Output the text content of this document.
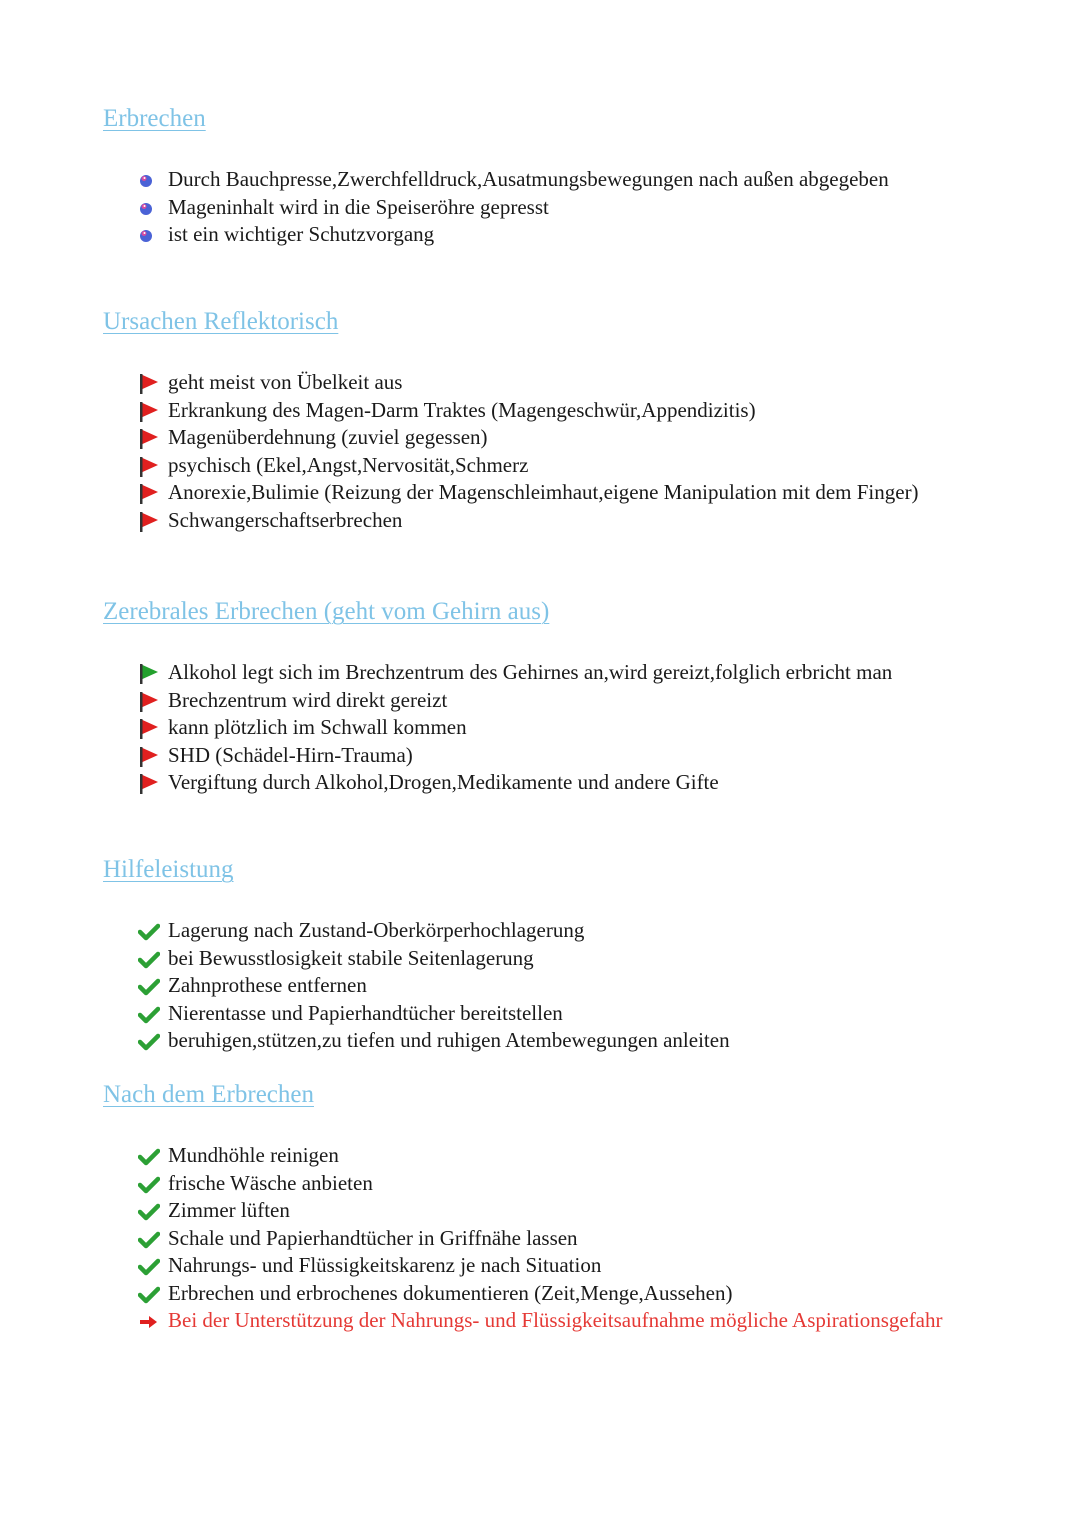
Erbrechen
Durch Bauchpresse,Zwerchfelldruck,Ausatmungsbewegungen nach außen abgegeben
Mageninhalt wird in die Speiseröhre gepresst
ist ein wichtiger Schutzvorgang
Ursachen Reflektorisch
geht meist von Übelkeit aus
Erkrankung des Magen-Darm Traktes (Magengeschwür,Appendizitis)
Magenüberdehnung (zuviel gegessen)
psychisch (Ekel,Angst,Nervosität,Schmerz
Anorexie,Bulimie (Reizung der Magenschleimhaut,eigene Manipulation mit dem Finger)
Schwangerschaftserbrechen
Zerebrales Erbrechen (geht vom Gehirn aus)
Alkohol legt sich im Brechzentrum des Gehirnes an,wird gereizt,folglich erbricht man
Brechzentrum wird direkt gereizt
kann plötzlich im Schwall kommen
SHD (Schädel-Hirn-Trauma)
Vergiftung durch Alkohol,Drogen,Medikamente und andere Gifte
Hilfeleistung
Lagerung nach Zustand-Oberkörperhochlagerung
bei Bewusstlosigkeit stabile Seitenlagerung
Zahnprothese entfernen
Nierentasse und Papierhandtücher bereitstellen
beruhigen,stützen,zu tiefen und ruhigen Atembewegungen anleiten
Nach dem Erbrechen
Mundhöhle reinigen
frische Wäsche anbieten
Zimmer lüften
Schale und Papierhandtücher in Griffnähe lassen
Nahrungs- und Flüssigkeitskarenz je nach Situation
Erbrechen und erbrochenes dokumentieren (Zeit,Menge,Aussehen)
Bei der Unterstützung der Nahrungs- und Flüssigkeitsaufnahme mögliche Aspirationsgefahr
